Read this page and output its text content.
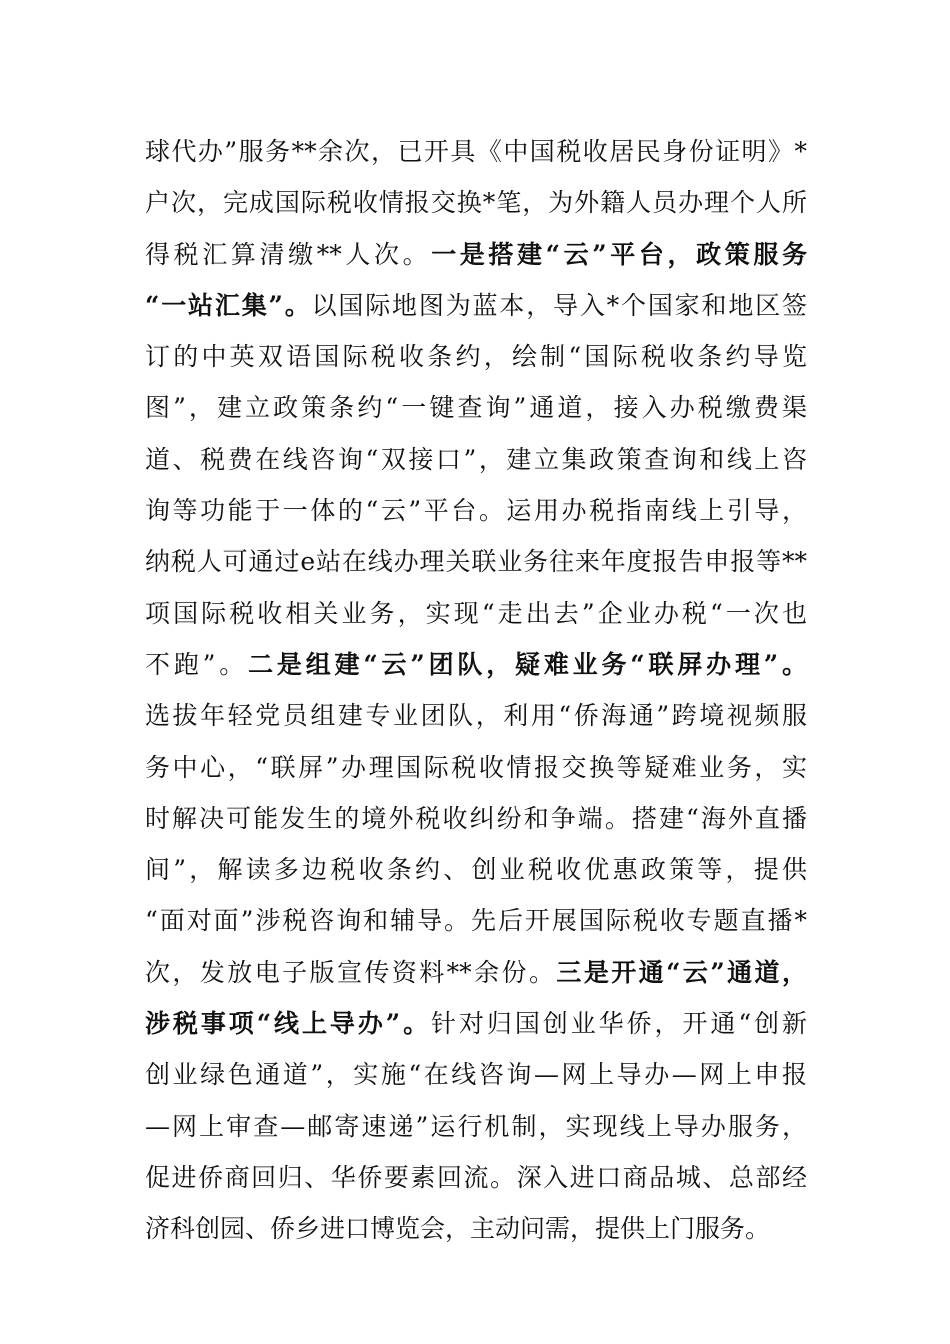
球代办”服务**余次，已开具《中国税收居民身份证明》*
户次，完成国际税收情报交换*笔，为外籍人员办理个人所
得税汇算清缴**人次。一是搭建“云”平台，政策服务
“一站汇集”。以国际地图为蓝本，导入*个国家和地区签
订的中英双语国际税收条约，绘制“国际税收条约导览
图”，建立政策条约“一键查询”通道，接入办税缴费渠
道、税费在线咨询“双接口”，建立集政策查询和线上咨
询等功能于一体的“云”平台。运用办税指南线上引导，
纳税人可通过e站在线办理关联业务往来年度报告申报等**
项国际税收相关业务，实现“走出去”企业办税“一次也
不跑”。二是组建“云”团队，疑难业务“联屏办理”。
选拔年轻党员组建专业团队，利用“侨海通”跨境视频服
务中心，“联屏”办理国际税收情报交换等疑难业务，实
时解决可能发生的境外税收纠纷和争端。搭建“海外直播
间”，解读多边税收条约、创业税收优惠政策等，提供
“面对面”涉税咨询和辅导。先后开展国际税收专题直播*
次，发放电子版宣传资料**余份。三是开通“云”通道，
涉税事项“线上导办”。针对归国创业华侨，开通“创新
创业绿色通道”，实施“在线咨询—网上导办—网上申报
—网上审查—邮寄速递”运行机制，实现线上导办服务，
促进侨商回归、华侨要素回流。深入进口商品城、总部经
济科创园、侨乡进口博览会，主动问需，提供上门服务。
